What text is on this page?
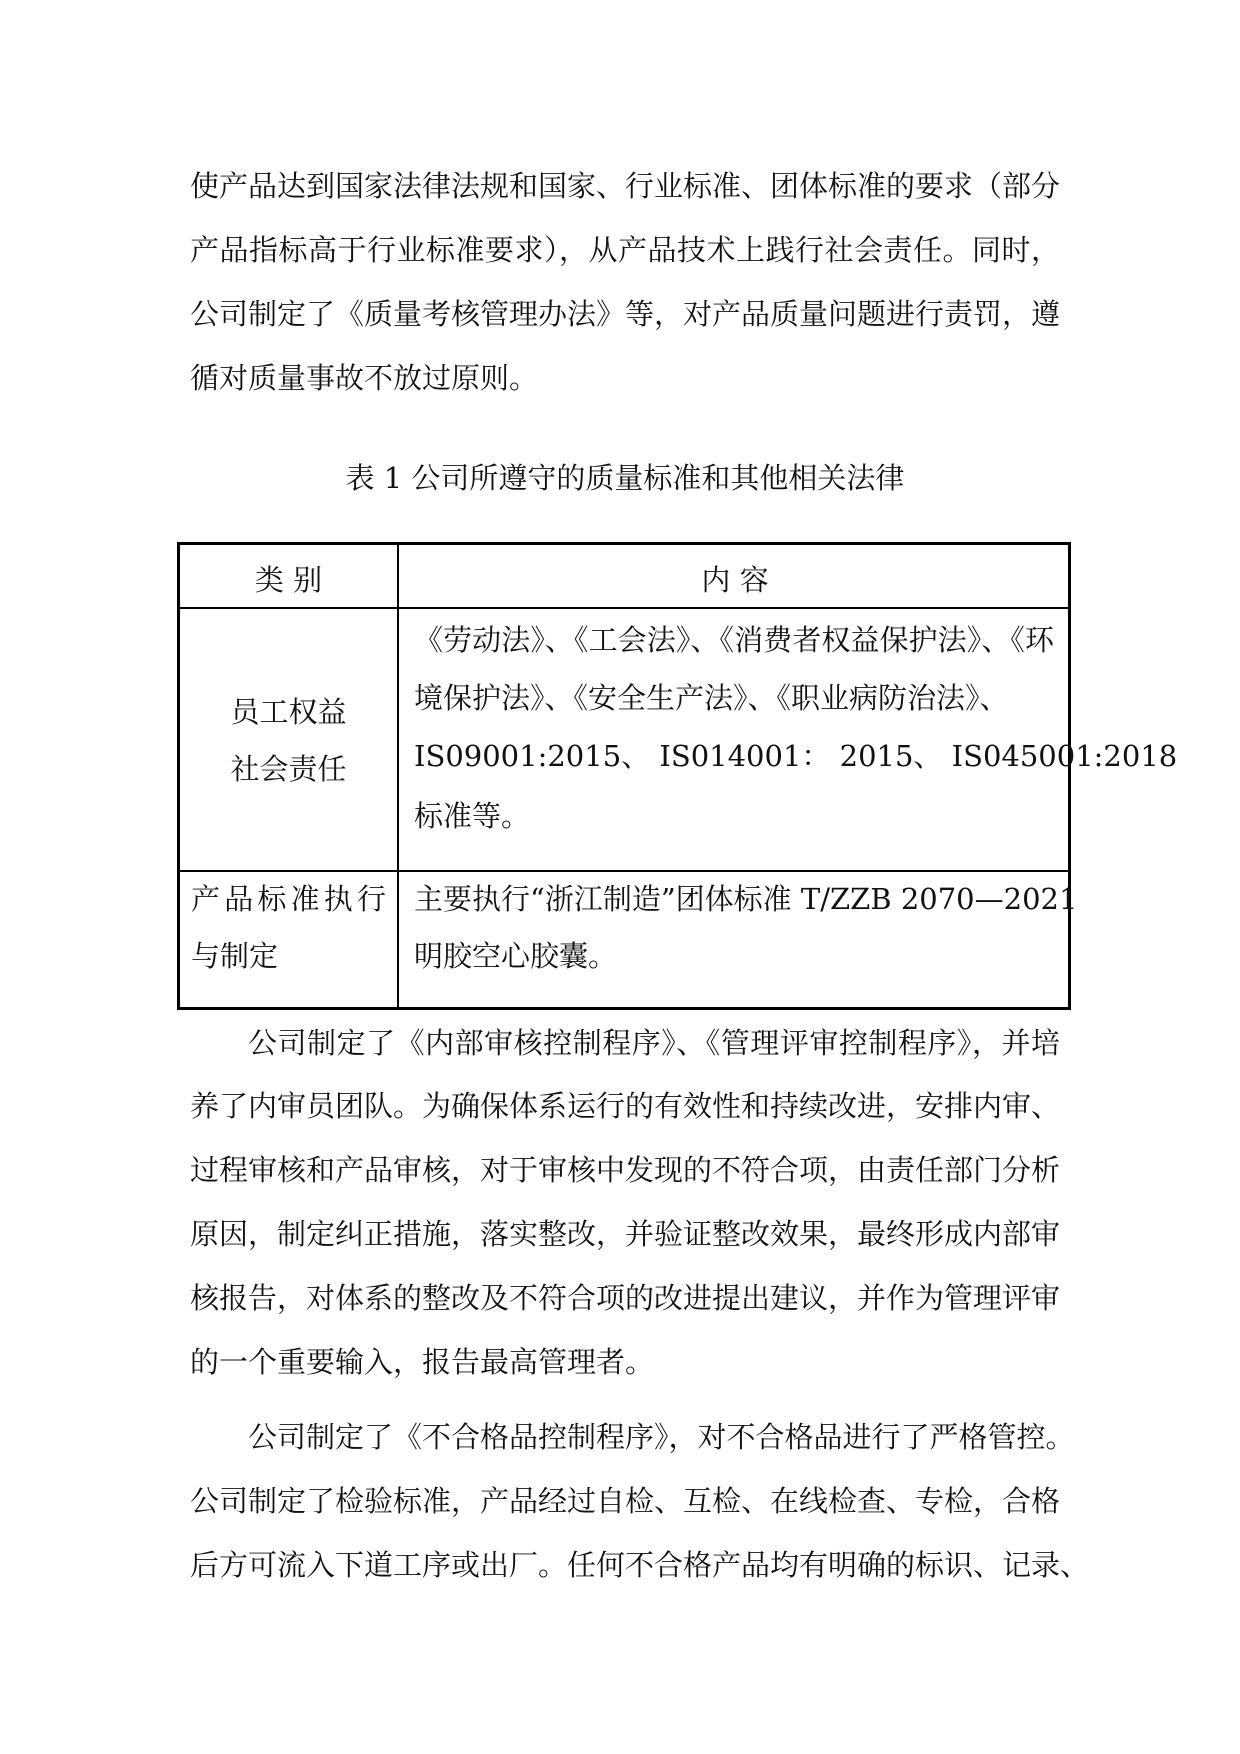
使产品达到国家法律法规和国家、行业标准、团体标准的要求（部分
产品指标高于行业标准要求），从产品技术上践行社会责任。同时，
公司制定了《质量考核管理办法》等，对产品质量问题进行责罚，遵
循对质量事故不放过原则。
表 1 公司所遵守的质量标准和其他相关法律
类 别	内 容
员工权益
社会责任
《劳动法》、《工会法》、《消费者权益保护法》、《环
境保护法》、《安全生产法》、《职业病防治法》、
IS09001:2015、 IS014001： 2015、 IS045001:2018
标准等。
产品标准执行
与制定
主要执行“浙江制造”团体标准 T/ZZB 2070—2021
明胶空心胶囊。
公司制定了《内部审核控制程序》、《管理评审控制程序》，并培
养了内审员团队。为确保体系运行的有效性和持续改进，安排内审、
过程审核和产品审核，对于审核中发现的不符合项，由责任部门分析
原因，制定纠正措施，落实整改，并验证整改效果，最终形成内部审
核报告，对体系的整改及不符合项的改进提出建议，并作为管理评审
的一个重要输入，报告最高管理者。
公司制定了《不合格品控制程序》，对不合格品进行了严格管控。
公司制定了检验标准，产品经过自检、互检、在线检查、专检，合格
后方可流入下道工序或出厂。任何不合格产品均有明确的标识、记录、
